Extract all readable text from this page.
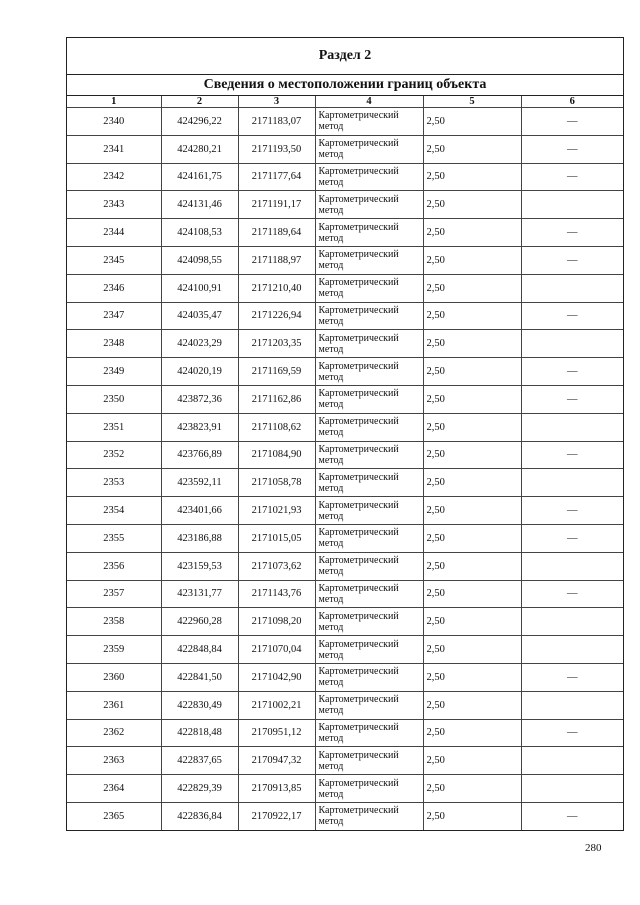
Раздел 2
Сведения о местоположении границ объекта
1	2	3	4	5	6
2340	424296,22	2171183,07	Картометрический метод	2,50	—
2341	424280,21	2171193,50	Картометрический метод	2,50	—
2342	424161,75	2171177,64	Картометрический метод	2,50	—
2343	424131,46	2171191,17	Картометрический метод	2,50	
2344	424108,53	2171189,64	Картометрический метод	2,50	—
2345	424098,55	2171188,97	Картометрический метод	2,50	—
2346	424100,91	2171210,40	Картометрический метод	2,50	
2347	424035,47	2171226,94	Картометрический метод	2,50	—
2348	424023,29	2171203,35	Картометрический метод	2,50	
2349	424020,19	2171169,59	Картометрический метод	2,50	—
2350	423872,36	2171162,86	Картометрический метод	2,50	—
2351	423823,91	2171108,62	Картометрический метод	2,50	
2352	423766,89	2171084,90	Картометрический метод	2,50	—
2353	423592,11	2171058,78	Картометрический метод	2,50	
2354	423401,66	2171021,93	Картометрический метод	2,50	—
2355	423186,88	2171015,05	Картометрический метод	2,50	—
2356	423159,53	2171073,62	Картометрический метод	2,50	
2357	423131,77	2171143,76	Картометрический метод	2,50	—
2358	422960,28	2171098,20	Картометрический метод	2,50	
2359	422848,84	2171070,04	Картометрический метод	2,50	
2360	422841,50	2171042,90	Картометрический метод	2,50	—
2361	422830,49	2171002,21	Картометрический метод	2,50	
2362	422818,48	2170951,12	Картометрический метод	2,50	—
2363	422837,65	2170947,32	Картометрический метод	2,50	
2364	422829,39	2170913,85	Картометрический метод	2,50	
2365	422836,84	2170922,17	Картометрический метод	2,50	—
280
